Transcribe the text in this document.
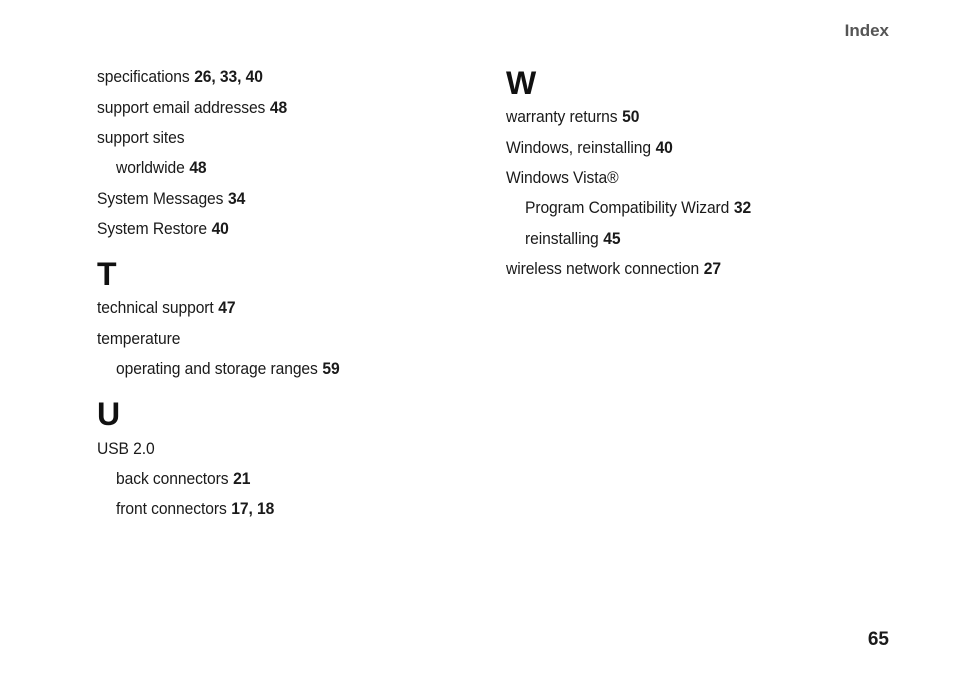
Index
specifications 26, 33, 40
support email addresses 48
support sites
worldwide 48
System Messages 34
System Restore 40
T
technical support 47
temperature
operating and storage ranges 59
U
USB 2.0
back connectors 21
front connectors 17, 18
W
warranty returns 50
Windows, reinstalling 40
Windows Vista®
Program Compatibility Wizard 32
reinstalling 45
wireless network connection 27
65
